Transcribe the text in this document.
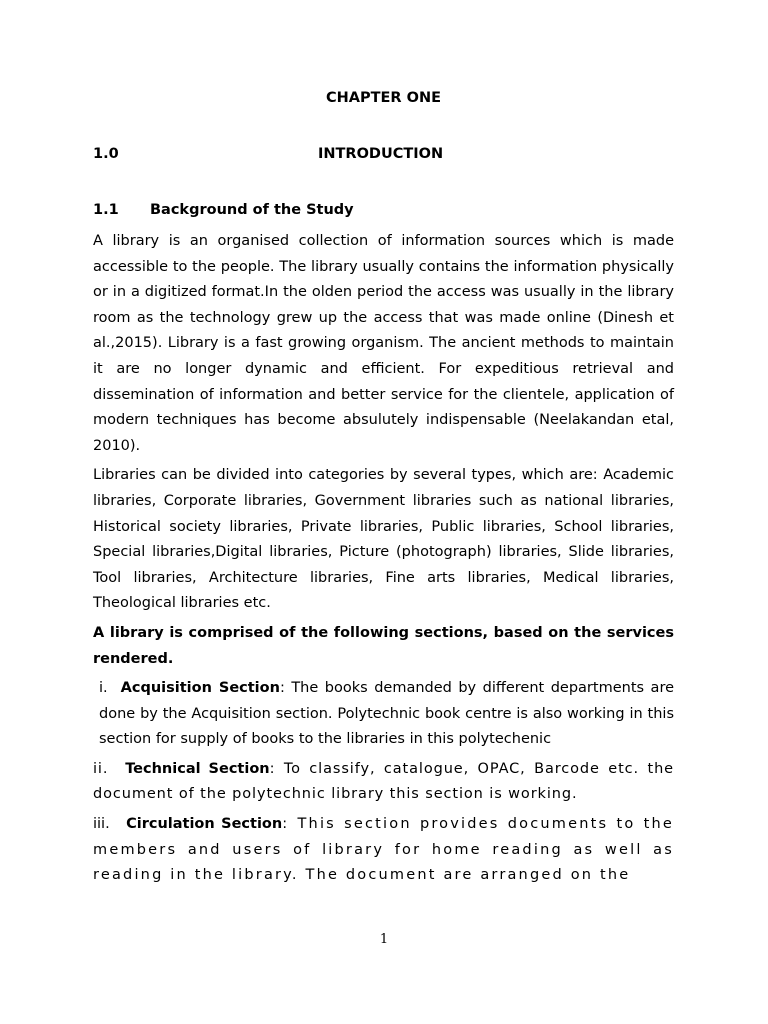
CHAPTER ONE
1.0	INTRODUCTION
1.1 Background of the Study

A library is an organised collection of information sources which is made accessible to the people. The library usually contains the information physically or in a digitized format.In the olden period the access was usually in the library room as the technology grew up the access that was made online (Dinesh et al.,2015). Library is a fast growing organism. The ancient methods to maintain it are no longer dynamic and efficient. For expeditious retrieval and dissemination of information and better service for the clientele, application of modern techniques has become absulutely indispensable (Neelakandan etal, 2010).

Libraries can be divided into categories by several types, which are: Academic libraries, Corporate libraries, Government libraries such as national libraries, Historical society libraries, Private libraries, Public libraries, School libraries, Special libraries,Digital libraries, Picture (photograph) libraries, Slide libraries, Tool libraries, Architecture libraries, Fine arts libraries, Medical libraries, Theological libraries etc.

A library is comprised of the following sections, based on the services rendered.

i. Acquisition Section: The books demanded by different departments are done by the Acquisition section. Polytechnic book centre is also working in this section for supply of books to the libraries in this polytechenic

ii. Technical Section: To classify, catalogue, OPAC, Barcode etc. the document of the polytechnic library this section is working.

iii. Circulation Section: This section provides documents to the members and users of library for home reading as well as reading in the library. The document are arranged on the

1
